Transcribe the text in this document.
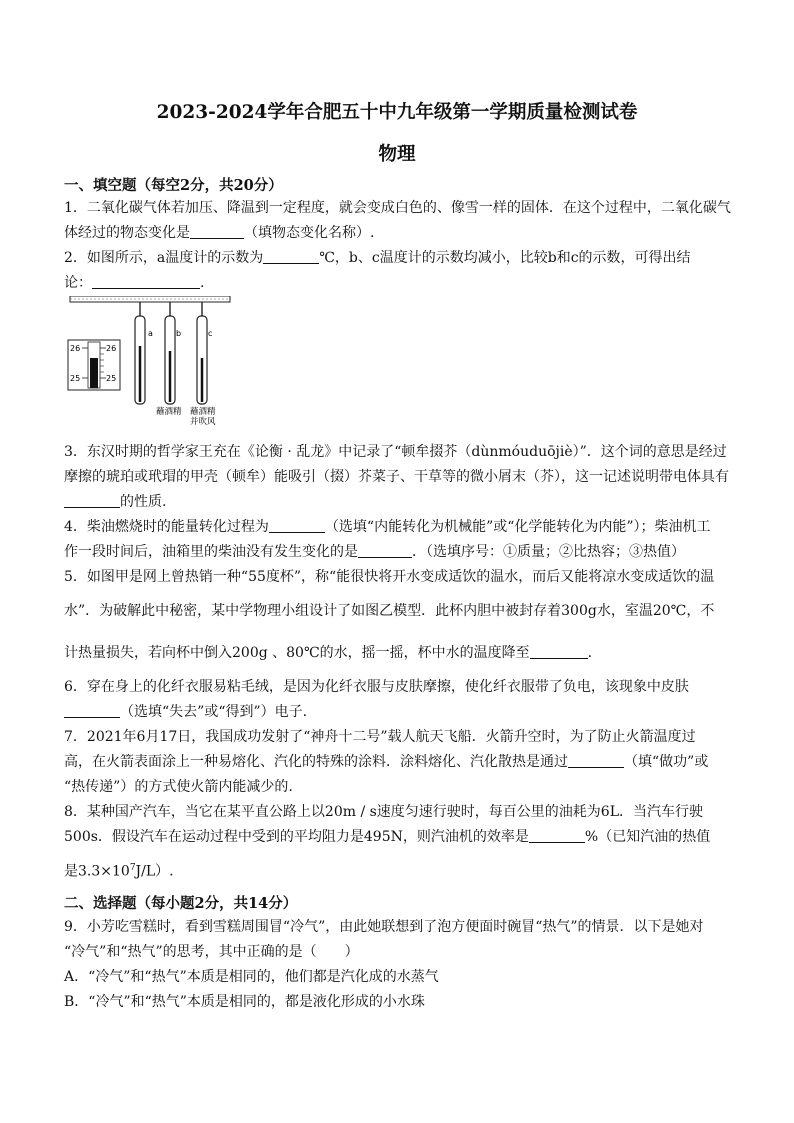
2023-2024学年合肥五十中九年级第一学期质量检测试卷
物理
一、填空题（每空2分，共20分）
1．二氧化碳气体若加压、降温到一定程度，就会变成白色的、像雪一样的固体．在这个过程中，二氧化碳气
体经过的物态变化是	（填物态变化名称）.
2．如图所示，a温度计的示数为	℃，b、c温度计的示数均减小，比较b和c的示数，可得出结
论：	.
a	b	c
26	26
25	25
蘸酒精 蘸酒精
并吹风
3．东汉时期的哲学家王充在《论衡 · 乱龙》中记录了“顿牟掇芥（dùnmóuduōjiè）”．这个词的意思是经过
摩擦的琥珀或玳瑁的甲壳（顿牟）能吸引（掇）芥菜子、干草等的微小屑末（芥），这一记述说明带电体具有
的性质.
4．柴油燃烧时的能量转化过程为	（选填“内能转化为机械能”或“化学能转化为内能”）；柴油机工
作一段时间后，油箱里的柴油没有发生变化的是	．（选填序号：①质量；②比热容；③热值）
5．如图甲是网上曾热销一种“55度杯”，称“能很快将开水变成适饮的温水，而后又能将凉水变成适饮的温
水”．为破解此中秘密，某中学物理小组设计了如图乙模型．此杯内胆中被封存着300g水，室温20℃，不
计热量损失，若向杯中倒入200g 、80℃的水，摇一摇，杯中水的温度降至	.
6．穿在身上的化纤衣服易粘毛绒，是因为化纤衣服与皮肤摩擦，使化纤衣服带了负电，该现象中皮肤
（选填“失去”或“得到”）电子.
7．2021年6月17日，我国成功发射了“神舟十二号”载人航天飞船．火箭升空时，为了防止火箭温度过
高，在火箭表面涂上一种易熔化、汽化的特殊的涂料．涂料熔化、汽化散热是通过	（填“做功”或
“热传递”）的方式使火箭内能减少的.
8．某种国产汽车，当它在某平直公路上以20m / s速度匀速行驶时，每百公里的油耗为6L．当汽车行驶
500s．假设汽车在运动过程中受到的平均阻力是495N，则汽油机的效率是	%（已知汽油的热值
是$3.3\times 10^7J/L$）.
二、选择题（每小题2分，共14分）
9．小芳吃雪糕时，看到雪糕周围冒“冷气”，由此她联想到了泡方便面时碗冒“热气”的情景．以下是她对
“冷气”和“热气”的思考，其中正确的是（　　）
A．“冷气”和“热气”本质是相同的，他们都是汽化成的水蒸气
B．“冷气”和“热气”本质是相同的，都是液化形成的小水珠
